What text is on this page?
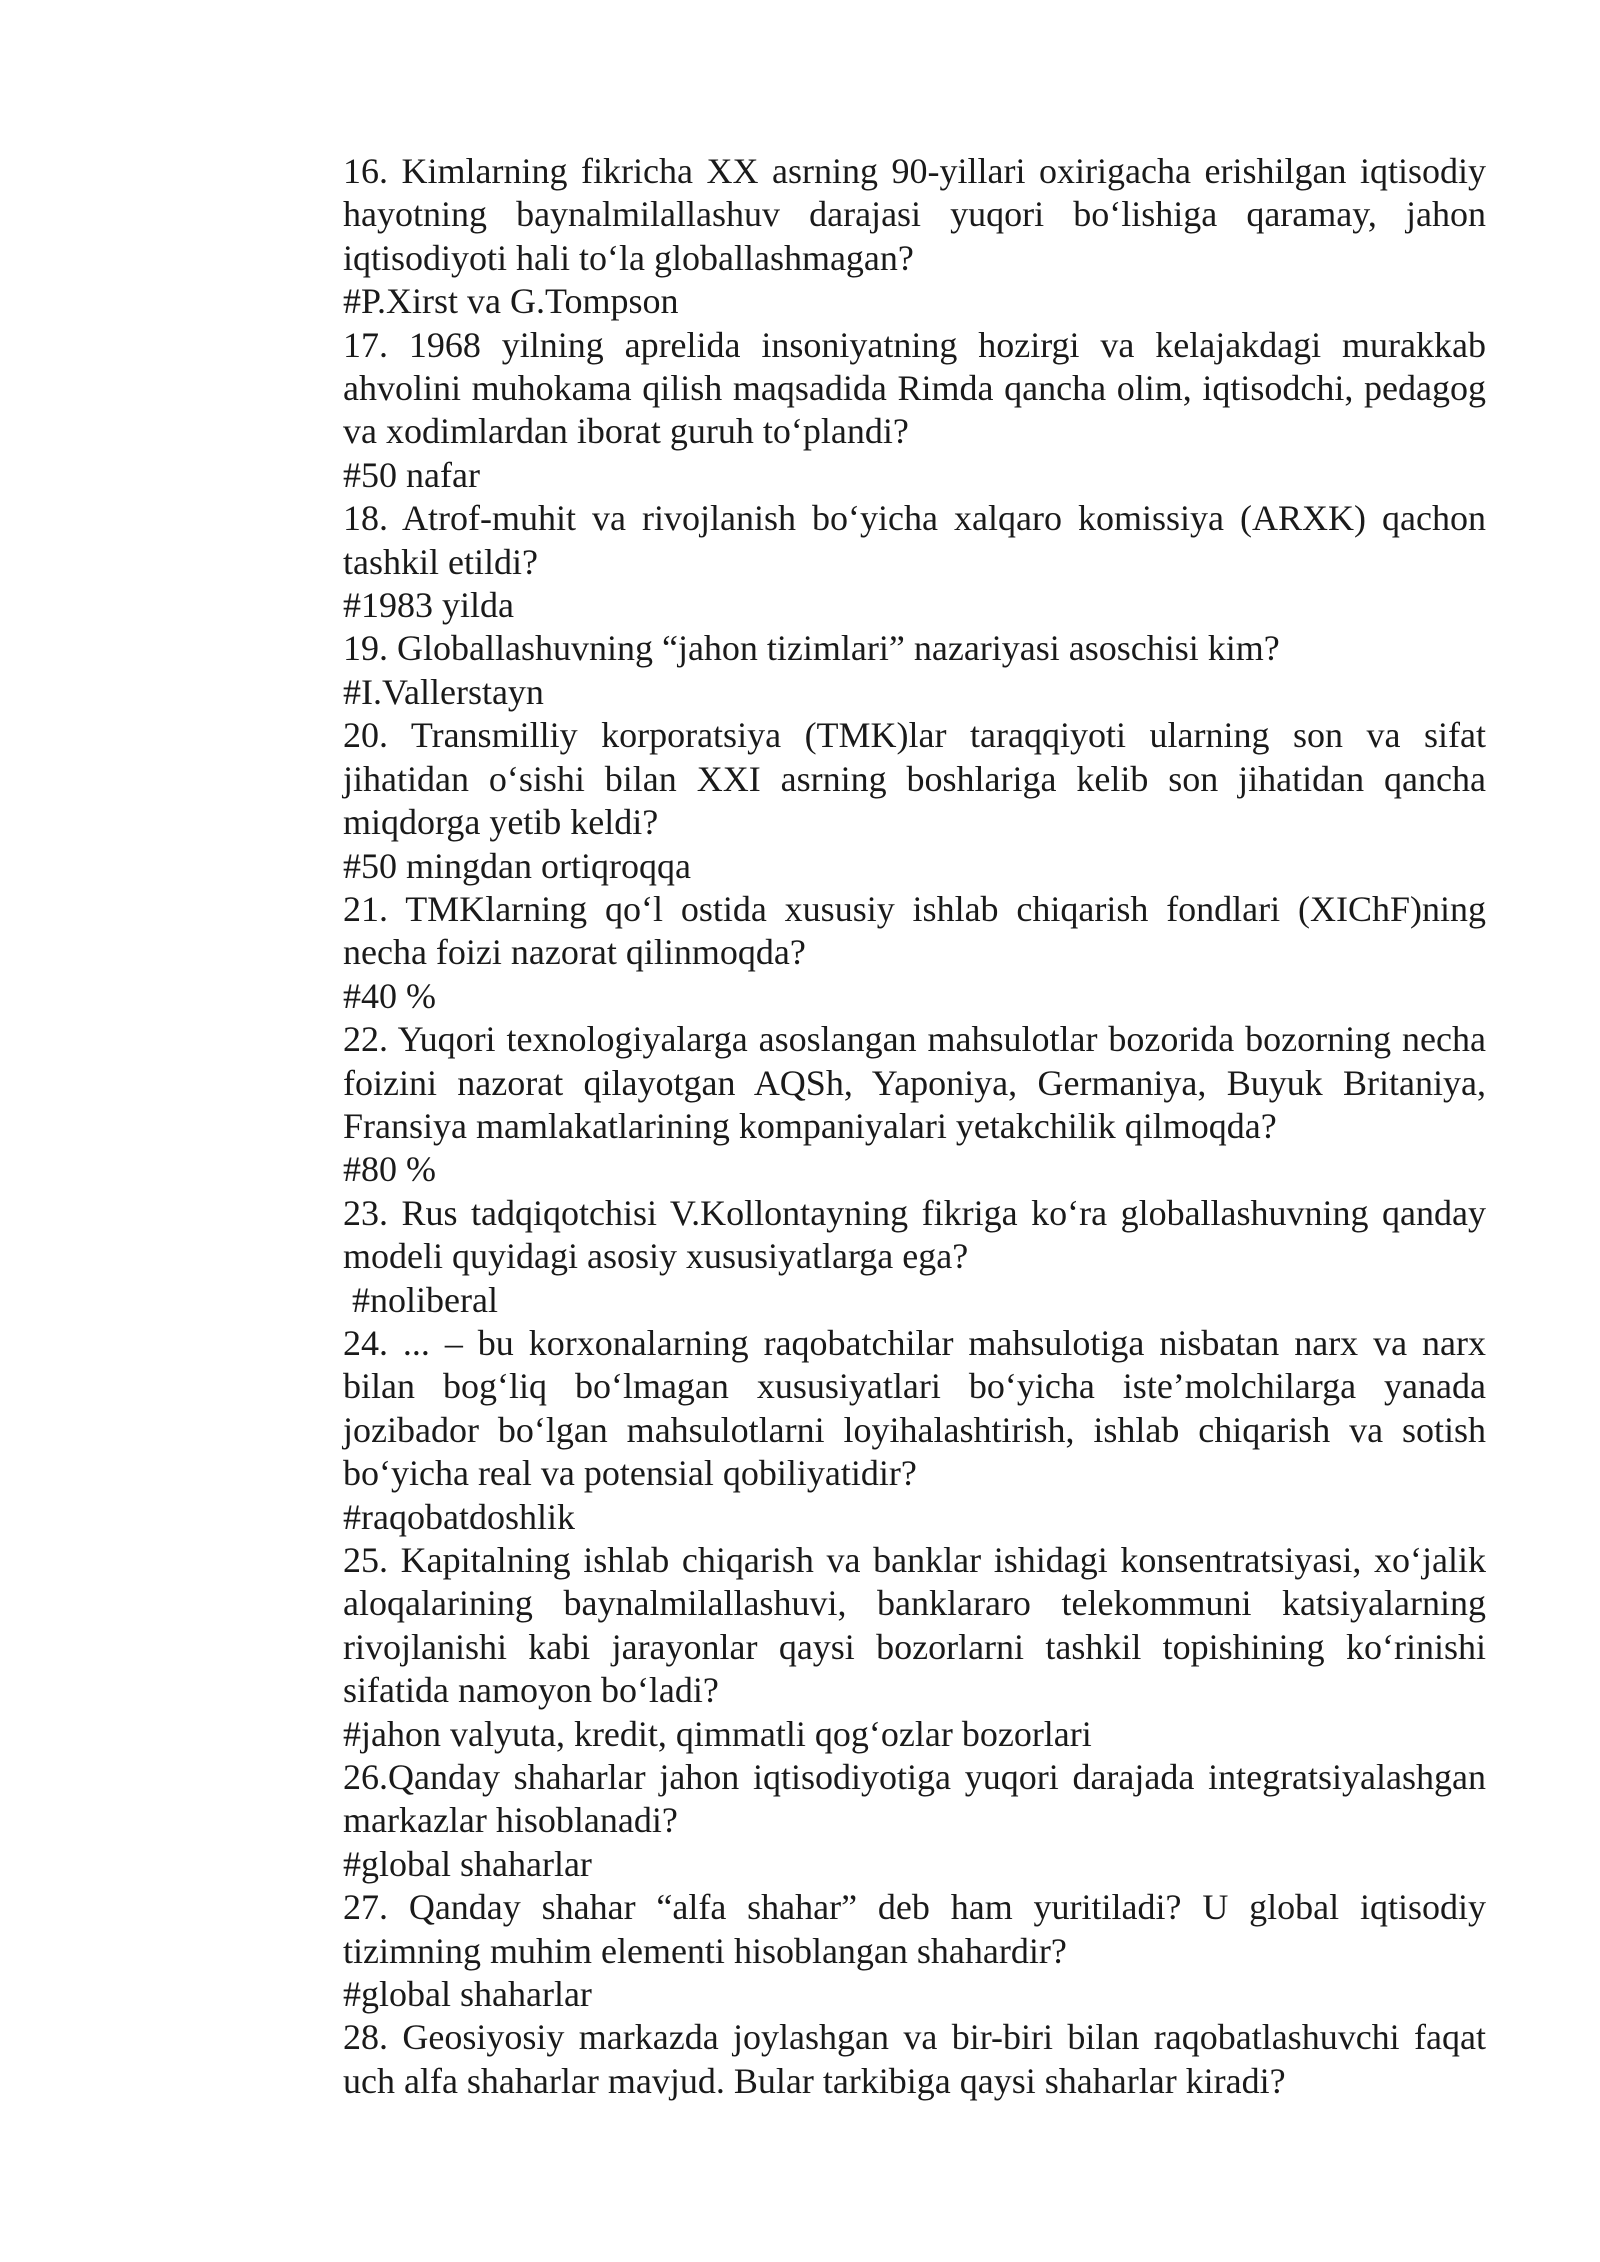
16. Kimlarning fikricha XX asrning 90-yillari oxirigacha erishilgan iqtisodiy hayotning baynalmilallashuv darajasi yuqori bo‘lishiga qaramay, jahon iqtisodiyoti hali to‘la globallashmagan?

#P.Xirst va G.Tompson

17. 1968 yilning aprelida insoniyatning hozirgi va kelajakdagi murakkab ahvolini muhokama qilish maqsadida Rimda qancha olim, iqtisodchi, pedagog va xodimlardan iborat guruh to‘plandi?

#50 nafar

18. Atrof-muhit va rivojlanish bo‘yicha xalqaro komissiya (ARXK) qachon tashkil etildi?

#1983 yilda

19. Globallashuvning “jahon tizimlari” nazariyasi asoschisi kim?

#I.Vallerstayn

20. Transmilliy korporatsiya (TMK)lar taraqqiyoti ularning son va sifat jihatidan o‘sishi bilan XXI asrning boshlariga kelib son jihatidan qancha miqdorga yetib keldi?

#50 mingdan ortiqroqqa

21. TMKlarning qo‘l ostida xususiy ishlab chiqarish fondlari (XIChF)ning necha foizi nazorat qilinmoqda?

#40 %

22. Yuqori texnologiyalarga asoslangan mahsulotlar bozorida bozorning necha foizini nazorat qilayotgan AQSh, Yaponiya, Germaniya, Buyuk Britaniya, Fransiya mamlakatlarining kompaniyalari yetakchilik qilmoqda?

#80 %

23. Rus tadqiqotchisi V.Kollontayning fikriga ko‘ra globallashuvning qanday modeli quyidagi asosiy xususiyatlarga ega?

#noliberal

24. ... – bu korxonalarning raqobatchilar mahsulotiga nisbatan narx va narx bilan bog‘liq bo‘lmagan xususiyatlari bo‘yicha iste’molchilarga yanada jozibador bo‘lgan mahsulotlarni loyihalashtirish, ishlab chiqarish va sotish bo‘yicha real va potensial qobiliyatidir?

#raqobatdoshlik

25. Kapitalning ishlab chiqarish va banklar ishidagi konsentratsiyasi, xo‘jalik aloqalarining baynalmilallashuvi, banklararo telekommuni katsiyalarning rivojlanishi kabi jarayonlar qaysi bozorlarni tashkil topishining ko‘rinishi sifatida namoyon bo‘ladi?

#jahon valyuta, kredit, qimmatli qog‘ozlar bozorlari

26.Qanday shaharlar jahon iqtisodiyotiga yuqori darajada integratsiyalashgan markazlar hisoblanadi?

#global shaharlar

27. Qanday shahar “alfa shahar” deb ham yuritiladi? U global iqtisodiy tizimning muhim elementi hisoblangan shahardir?

#global shaharlar

28. Geosiyosiy markazda joylashgan va bir-biri bilan raqobatlashuvchi faqat uch alfa shaharlar mavjud. Bular tarkibiga qaysi shaharlar kiradi?
